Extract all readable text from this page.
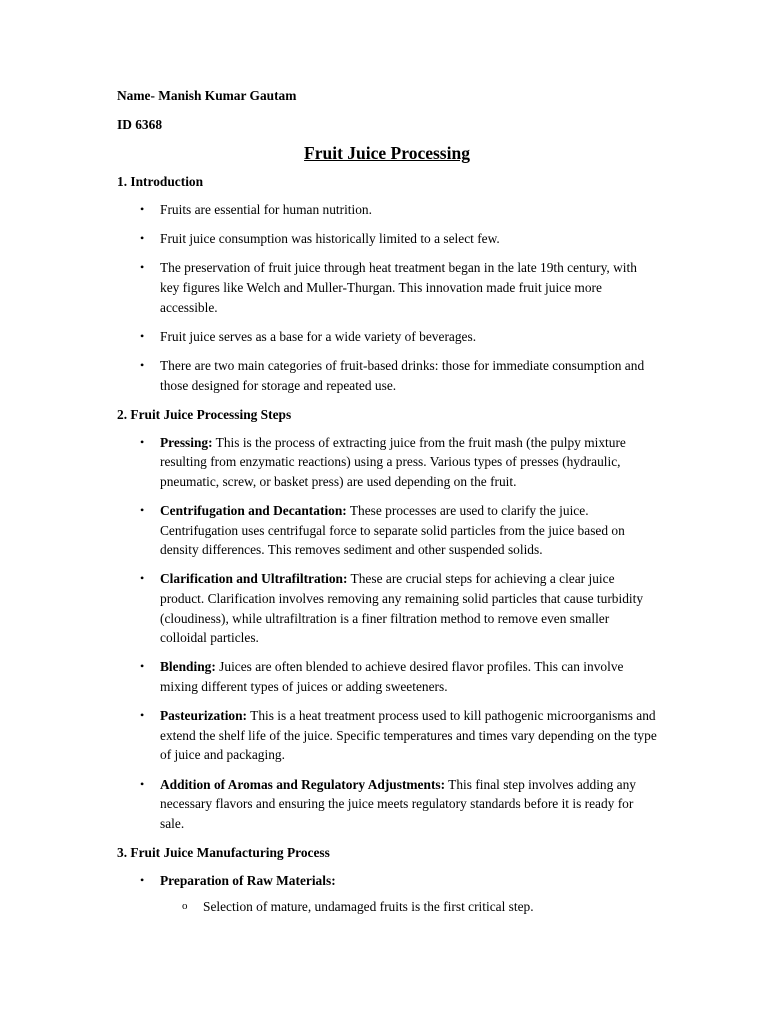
Name- Manish Kumar Gautam

ID 6368

Fruit Juice Processing

1. Introduction

• Fruits are essential for human nutrition.
• Fruit juice consumption was historically limited to a select few.
• The preservation of fruit juice through heat treatment began in the late 19th century, with key figures like Welch and Muller-Thurgan. This innovation made fruit juice more accessible.
• Fruit juice serves as a base for a wide variety of beverages.
• There are two main categories of fruit-based drinks: those for immediate consumption and those designed for storage and repeated use.

2. Fruit Juice Processing Steps

• Pressing: This is the process of extracting juice from the fruit mash (the pulpy mixture resulting from enzymatic reactions) using a press. Various types of presses (hydraulic, pneumatic, screw, or basket press) are used depending on the fruit.
• Centrifugation and Decantation: These processes are used to clarify the juice. Centrifugation uses centrifugal force to separate solid particles from the juice based on density differences. This removes sediment and other suspended solids.
• Clarification and Ultrafiltration: These are crucial steps for achieving a clear juice product. Clarification involves removing any remaining solid particles that cause turbidity (cloudiness), while ultrafiltration is a finer filtration method to remove even smaller colloidal particles.
• Blending: Juices are often blended to achieve desired flavor profiles. This can involve mixing different types of juices or adding sweeteners.
• Pasteurization: This is a heat treatment process used to kill pathogenic microorganisms and extend the shelf life of the juice. Specific temperatures and times vary depending on the type of juice and packaging.
• Addition of Aromas and Regulatory Adjustments: This final step involves adding any necessary flavors and ensuring the juice meets regulatory standards before it is ready for sale.

3. Fruit Juice Manufacturing Process

• Preparation of Raw Materials:
o Selection of mature, undamaged fruits is the first critical step.
